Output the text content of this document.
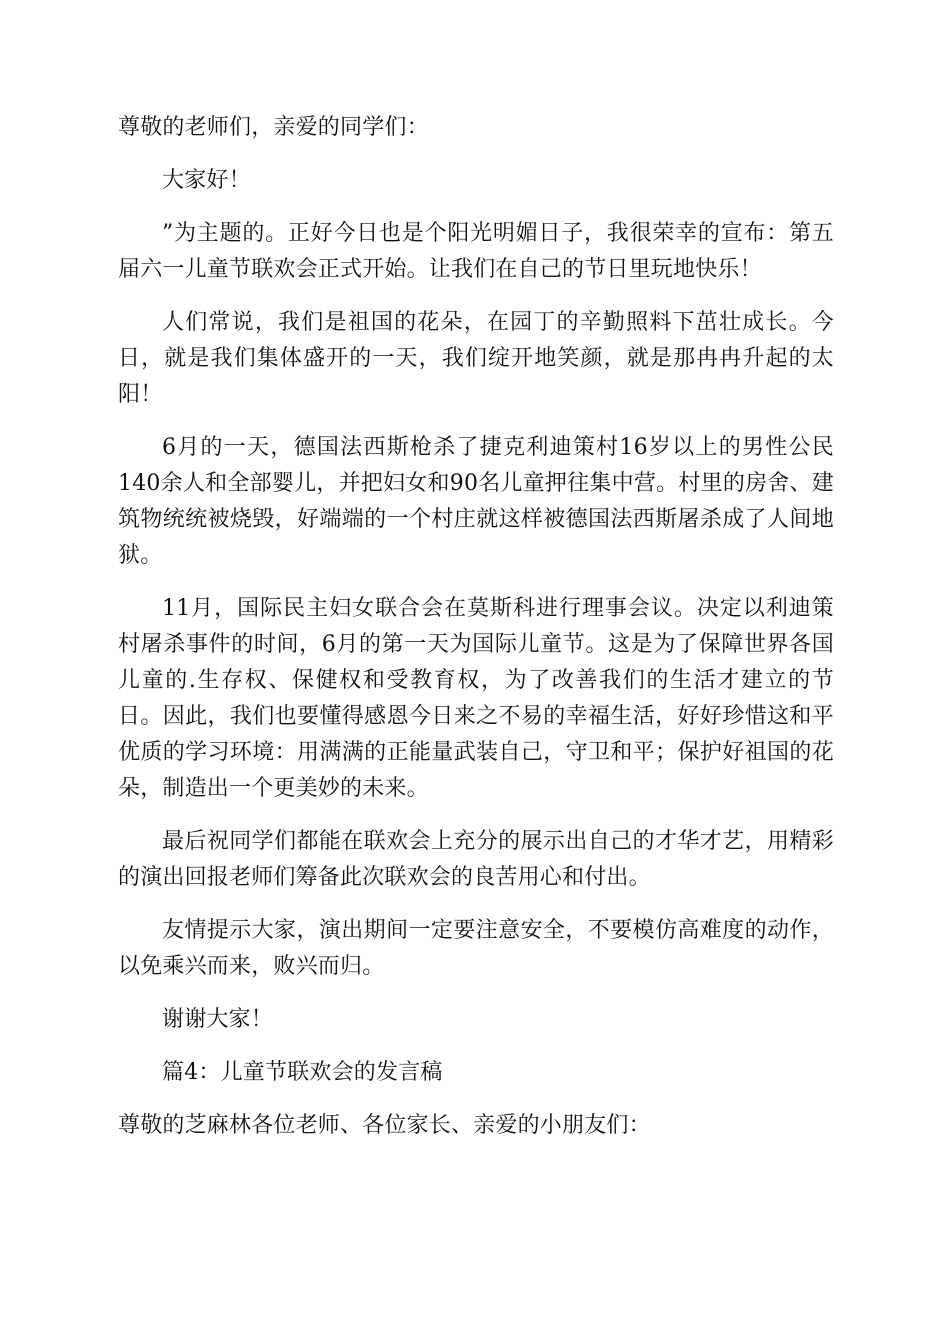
尊敬的老师们，亲爱的同学们：

大家好！

”为主题的。正好今日也是个阳光明媚日子，我很荣幸的宣布：第五届六一儿童节联欢会正式开始。让我们在自己的节日里玩地快乐！

人们常说，我们是祖国的花朵，在园丁的辛勤照料下茁壮成长。今日，就是我们集体盛开的一天，我们绽开地笑颜，就是那冉冉升起的太阳！

6月的一天，德国法西斯枪杀了捷克利迪策村16岁以上的男性公民140余人和全部婴儿，并把妇女和90名儿童押往集中营。村里的房舍、建筑物统统被烧毁，好端端的一个村庄就这样被德国法西斯屠杀成了人间地狱。

11月，国际民主妇女联合会在莫斯科进行理事会议。决定以利迪策村屠杀事件的时间，6月的第一天为国际儿童节。这是为了保障世界各国儿童的.生存权、保健权和受教育权，为了改善我们的生活才建立的节日。因此，我们也要懂得感恩今日来之不易的幸福生活，好好珍惜这和平优质的学习环境：用满满的正能量武装自己，守卫和平；保护好祖国的花朵，制造出一个更美妙的未来。

最后祝同学们都能在联欢会上充分的展示出自己的才华才艺，用精彩的演出回报老师们筹备此次联欢会的良苦用心和付出。

友情提示大家，演出期间一定要注意安全，不要模仿高难度的动作，以免乘兴而来，败兴而归。

谢谢大家！

篇4：儿童节联欢会的发言稿

尊敬的芝麻林各位老师、各位家长、亲爱的小朋友们：
